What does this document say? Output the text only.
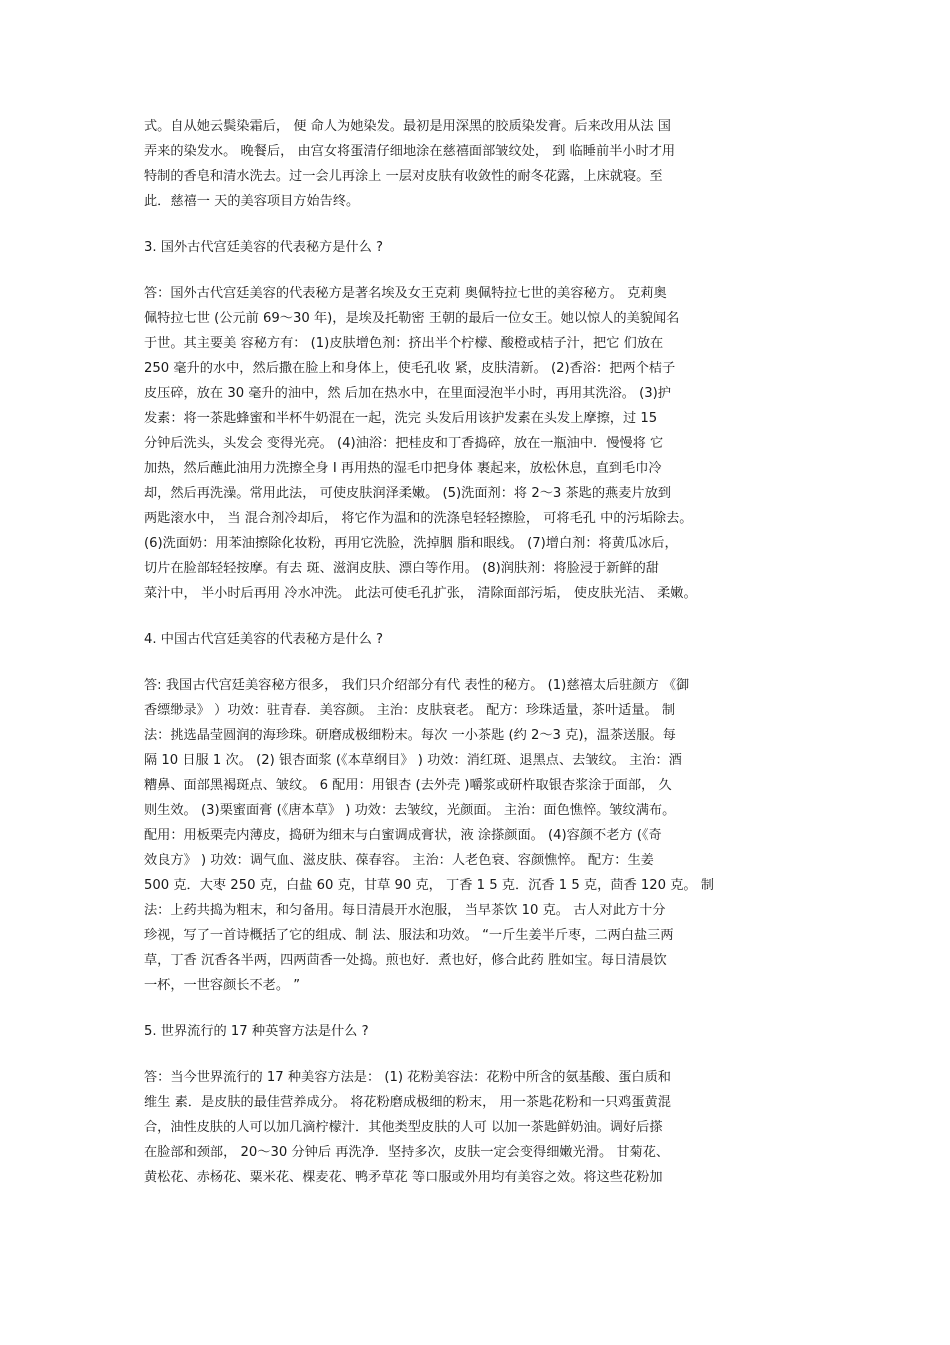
式。自从她云鬓染霜后， 便 命人为她染发。最初是用深黑的胶质染发膏。后来改用从法 国
弄来的染发水。 晚餐后， 由宫女将蛋清仔细地涂在慈禧面部皱纹处， 到 临睡前半小时才用
特制的香皂和清水洗去。过一会儿再涂上 一层对皮肤有收敛性的耐冬花露，上床就寝。至
此．慈禧一 天的美容项目方始告终。
3. 国外古代宫廷美容的代表秘方是什么 ?
答：国外古代宫廷美容的代表秘方是著名埃及女王克莉 奥佩特拉七世的美容秘方。 克莉奥
佩特拉七世 (公元前 69～30 年)，是埃及托勒密 王朝的最后一位女王。她以惊人的美貌闻名
于世。其主要美 容秘方有： (1)皮肤增色剂：挤出半个柠檬、酸橙或桔子汁，把它 们放在
250 毫升的水中，然后撒在脸上和身体上，使毛孔收 紧，皮肤清新。 (2)香浴：把两个桔子
皮压碎，放在 30 毫升的油中，然 后加在热水中，在里面浸泡半小时，再用其洗浴。 (3)护
发素：将一茶匙蜂蜜和半杯牛奶混在一起，洗完 头发后用该护发素在头发上摩擦，过 15
分钟后洗头，头发会 变得光亮。 (4)油浴：把桂皮和丁香捣碎，放在一瓶油中．慢慢将 它
加热，然后蘸此油用力洗擦全身 I 再用热的湿毛巾把身体 裹起来，放松休息，直到毛巾冷
却，然后再洗澡。常用此法， 可使皮肤润泽柔嫩。 (5)洗面剂：将 2～3 茶匙的燕麦片放到
两匙滚水中， 当 混合剂冷却后， 将它作为温和的洗涤皂轻轻擦脸， 可将毛孔 中的污垢除去。
(6)洗面奶：用苯油擦除化妆粉，再用它洗脸，洗掉胭 脂和眼线。 (7)增白剂：将黄瓜冰后，
切片在脸部轻轻按摩。有去 斑、滋润皮肤、漂白等作用。 (8)润肤剂：将脸浸于新鲜的甜
菜汁中， 半小时后再用 冷水冲洗。 此法可使毛孔扩张， 清除面部污垢， 使皮肤光洁、 柔嫩。
4. 中国古代宫廷美容的代表秘方是什么 ?
答: 我国古代宫廷美容秘方很多， 我们只介绍部分有代 表性的秘方。 (1)慈禧太后驻颜方 《御
香缥缈录》 ）功效：驻青春．美容颜。 主治：皮肤衰老。 配方：珍珠适量，茶叶适量。 制
法：挑选晶莹圆润的海珍珠。研磨成极细粉末。每次 一小茶匙 (约 2～3 克)，温茶送服。每
隔 10 日服 1 次。 (2) 银杏面浆 (《本草纲目》 ) 功效：消红斑、退黑点、去皱纹。 主治：酒
糟鼻、面部黑褐斑点、皱纹。 6 配用：用银杏 (去外壳 )嚼浆或研杵取银杏浆涂于面部， 久
则生效。 (3)栗蜜面膏 (《唐本草》 ) 功效：去皱纹，光颜面。 主治：面色憔悴。皱纹满布。
配用：用板栗壳内薄皮，捣研为细末与白蜜调成膏状，液 涂搽颜面。 (4)容颜不老方 (《奇
效良方》 ) 功效：调气血、滋皮肤、葆春容。 主治：人老色衰、容颜憔悴。 配方：生姜
500 克．大枣 250 克，白盐 60 克，甘草 90 克， 丁香 1 5 克．沉香 1 5 克，茴香 120 克。 制
法：上药共捣为粗末，和匀备用。每日清晨开水泡服， 当早茶饮 10 克。 古人对此方十分
珍视，写了一首诗概括了它的组成、制 法、服法和功效。 “一斤生姜半斤枣，二两白盐三两
草，丁香 沉香各半两，四两茴香一处捣。煎也好．煮也好，修合此药 胜如宝。每日清晨饮
一杯，一世容颜长不老。 ”
5. 世界流行的 17 种英窨方法是什么 ?
答：当今世界流行的 17 种美容方法是： (1) 花粉美容法：花粉中所含的氨基酸、蛋白质和
维生 素．是皮肤的最佳营养成分。 将花粉磨成极细的粉末， 用一茶匙花粉和一只鸡蛋黄混
合，油性皮肤的人可以加几滴柠檬汁．其他类型皮肤的人可 以加一茶匙鲜奶油。调好后搽
在脸部和颈部， 20～30 分钟后 再洗净．坚持多次，皮肤一定会变得细嫩光滑。 甘菊花、
黄松花、赤杨花、粟米花、棵麦花、鸭矛草花 等口服或外用均有美容之效。将这些花粉加
